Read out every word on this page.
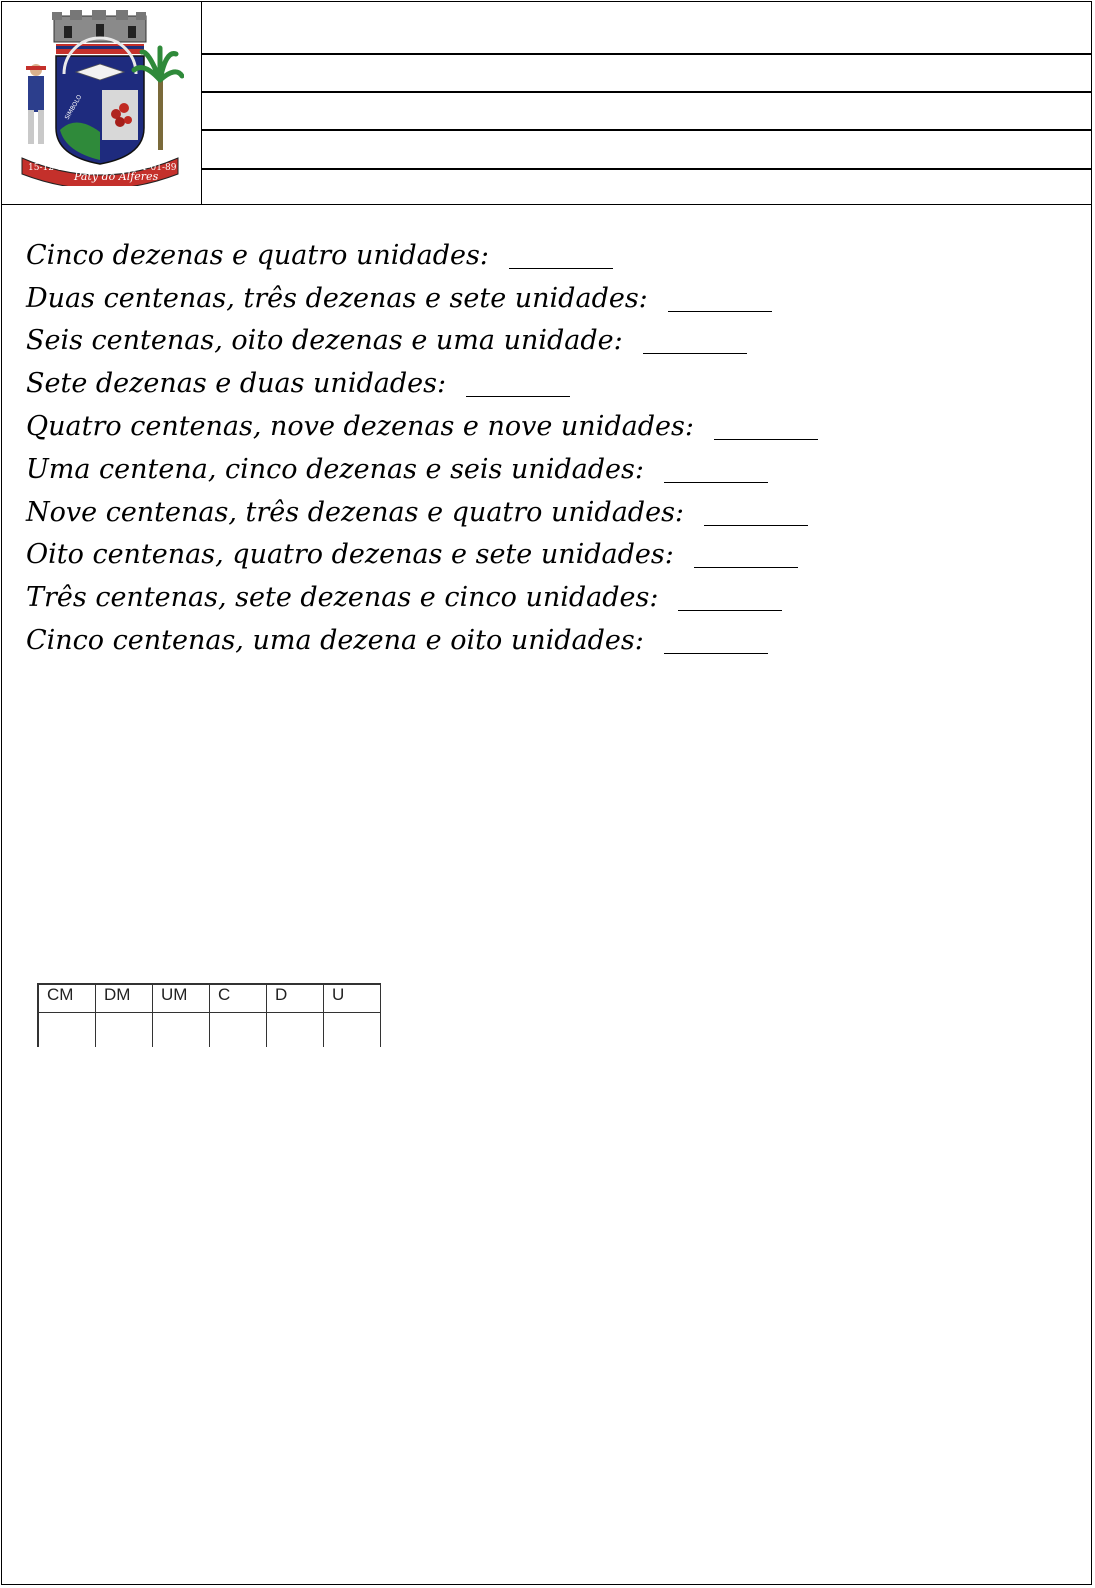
15-12-87
Paty do Alferes
01-01-89
SIMBOLO
Cinco dezenas e quatro unidades:
Duas centenas, três dezenas e sete unidades:
Seis centenas, oito dezenas e uma unidade:
Sete dezenas e duas unidades:
Quatro centenas, nove dezenas e nove unidades:
Uma centena, cinco dezenas e seis unidades:
Nove centenas, três dezenas e quatro unidades:
Oito centenas, quatro dezenas e sete unidades:
Três centenas, sete dezenas e cinco unidades:
Cinco centenas, uma dezena e oito unidades:
CM	DM	UM	C	D	U
